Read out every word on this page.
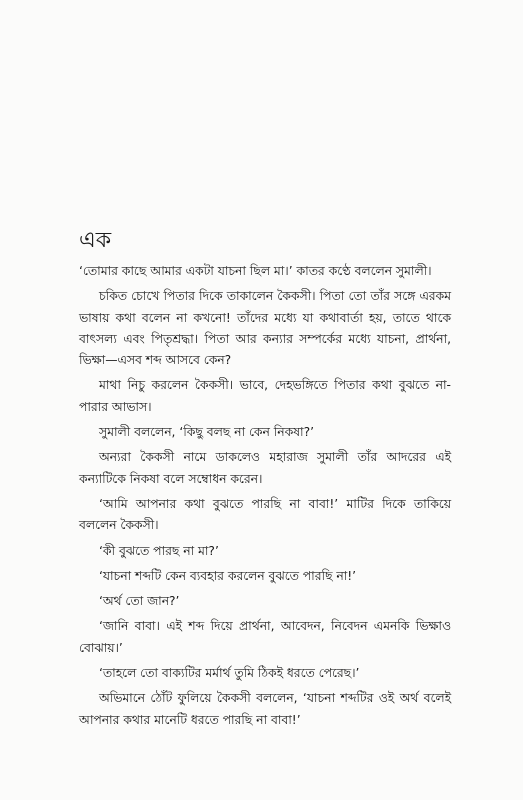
এক

‘তোমার কাছে আমার একটা যাচনা ছিল মা।’ কাতর কণ্ঠে বললেন সুমালী।

চকিত চোখে পিতার দিকে তাকালেন কৈকসী। পিতা তো তাঁর সঙ্গে এরকম ভাষায় কথা বলেন না কখনো! তাঁদের মধ্যে যা কথাবার্তা হয়, তাতে থাকে বাৎসল্য এবং পিতৃশ্রদ্ধা। পিতা আর কন্যার সম্পর্কের মধ্যে যাচনা, প্রার্থনা, ভিক্ষা—এসব শব্দ আসবে কেন?

মাথা নিচু করলেন কৈকসী। ভাবে, দেহভঙ্গিতে পিতার কথা বুঝতে না-পারার আভাস।

সুমালী বললেন, ‘কিছু বলছ না কেন নিকষা?’

অন্যরা কৈকসী নামে ডাকলেও মহারাজ সুমালী তাঁর আদরের এই কন্যাটিকে নিকষা বলে সম্বোধন করেন।

‘আমি আপনার কথা বুঝতে পারছি না বাবা!’ মাটির দিকে তাকিয়ে বললেন কৈকসী।

‘কী বুঝতে পারছ না মা?’

‘যাচনা শব্দটি কেন ব্যবহার করলেন বুঝতে পারছি না!’

‘অর্থ তো জান?’

‘জানি বাবা। এই শব্দ দিয়ে প্রার্থনা, আবেদন, নিবেদন এমনকি ভিক্ষাও বোঝায়।’

‘তাহলে তো বাক্যটির মর্মার্থ তুমি ঠিকই ধরতে পেরেছ।’

অভিমানে ঠোঁট ফুলিয়ে কৈকসী বললেন, ‘যাচনা শব্দটির ওই অর্থ বলেই আপনার কথার মানেটি ধরতে পারছি না বাবা!’
